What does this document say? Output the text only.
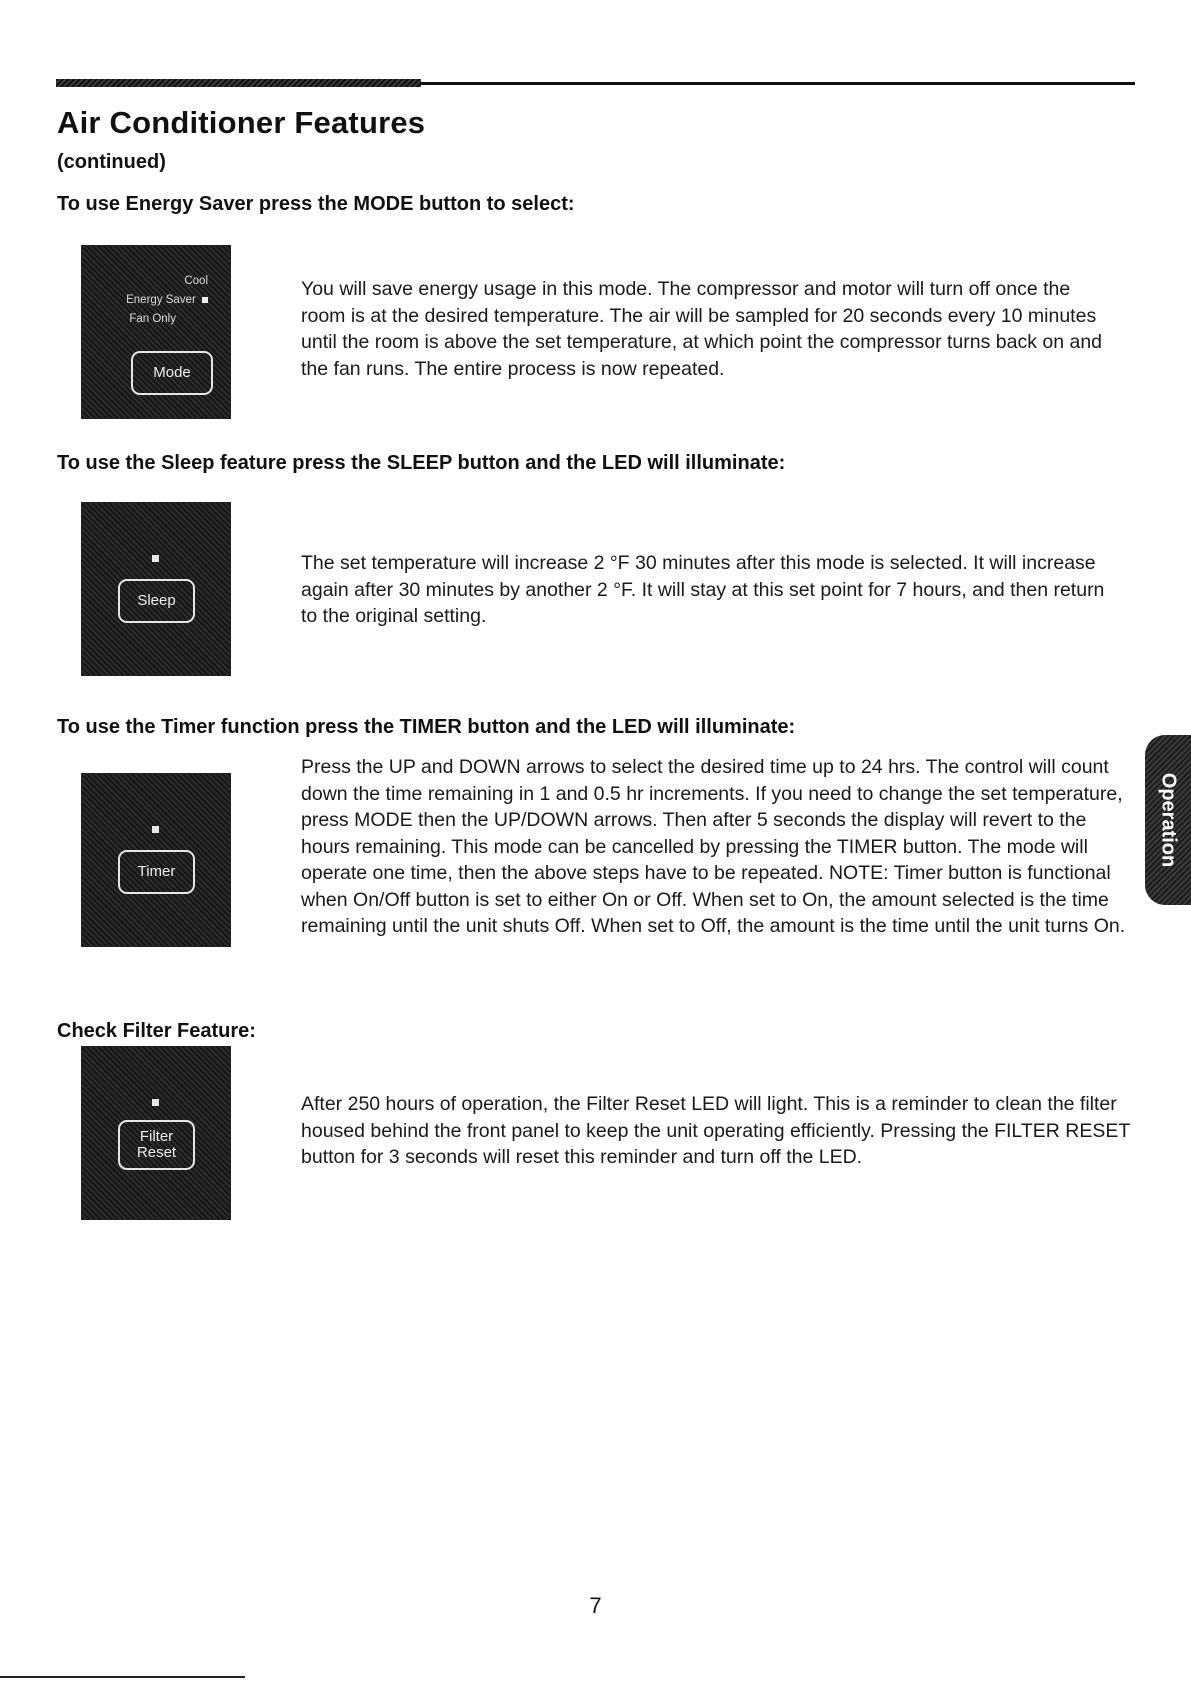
Air Conditioner Features
(continued)
To use Energy Saver press the MODE button to select:
Cool
Energy Saver
Fan Only
Mode
You will save energy usage in this mode. The compressor and motor will turn off once the room is at the desired temperature. The air will be sampled for 20 seconds every 10 minutes until the room is above the set temperature, at which point the compressor turns back on and the fan runs. The entire process is now repeated.
To use the Sleep feature press the SLEEP button and the LED will illuminate:
Sleep
The set temperature will increase 2 °F 30 minutes after this mode is selected. It will increase again after 30 minutes by another 2 °F. It will stay at this set point for 7 hours, and then return to the original setting.
To use the Timer function press the TIMER button and the LED will illuminate:
Timer
Press the UP and DOWN arrows to select the desired time up to 24 hrs. The control will count down the time remaining in 1 and 0.5 hr increments. If you need to change the set temperature, press MODE then the UP/DOWN arrows. Then after 5 seconds the display will revert to the hours remaining. This mode can be cancelled by pressing the TIMER button. The mode will operate one time, then the above steps have to be repeated. NOTE: Timer button is functional when On/Off button is set to either On or Off. When set to On, the amount selected is the time remaining until the unit shuts Off. When set to Off, the amount is the time until the unit turns On.
Check Filter Feature:
Filter
Reset
After 250 hours of operation, the Filter Reset LED will light. This is a reminder to clean the filter housed behind the front panel to keep the unit operating efficiently. Pressing the FILTER RESET button for 3 seconds will reset this reminder and turn off the LED.
Operation
7
